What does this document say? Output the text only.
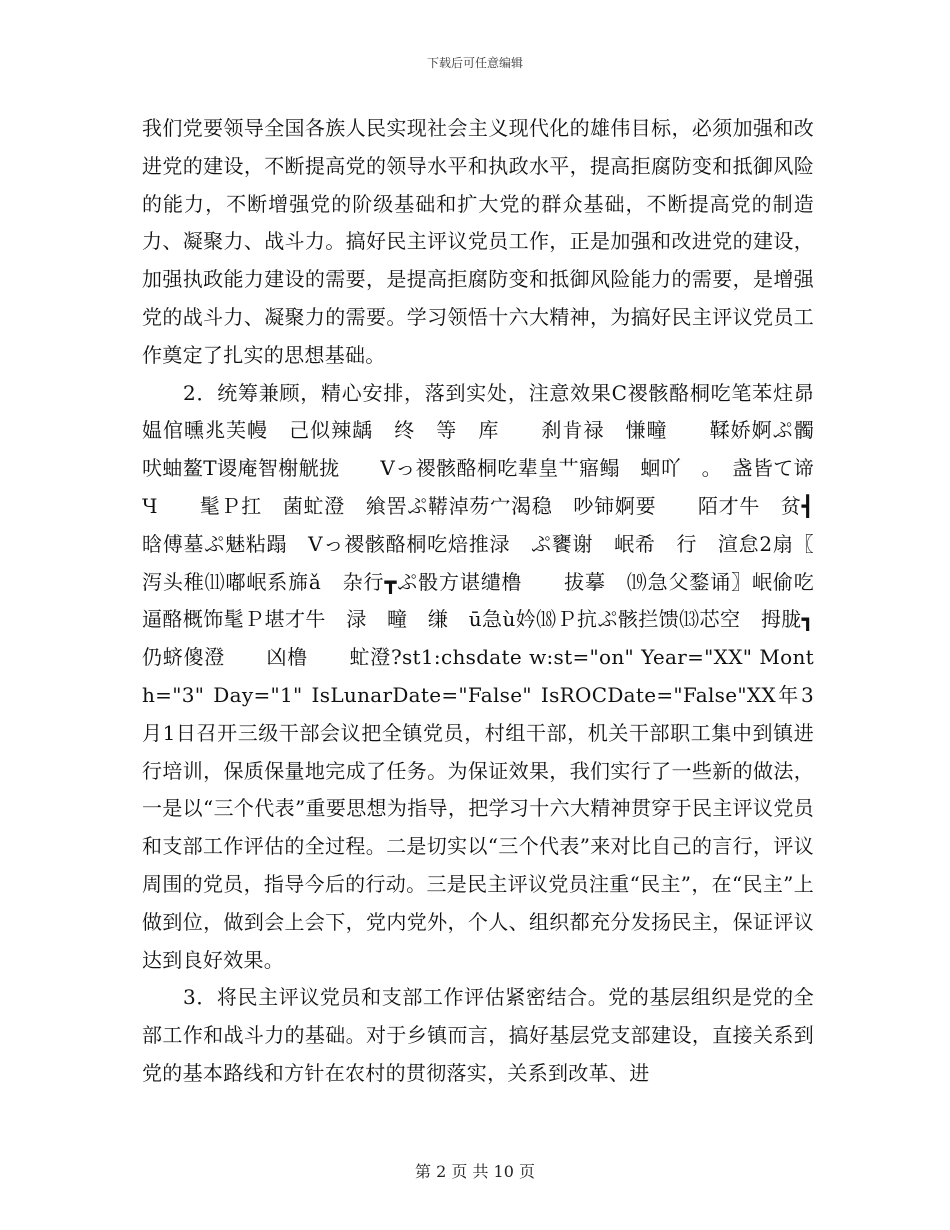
下载后可任意编辑

我们党要领导全国各族人民实现社会主义现代化的雄伟目标，必须加强和改进党的建设，不断提高党的领导水平和执政水平，提高拒腐防变和抵御风险的能力，不断增强党的阶级基础和扩大党的群众基础，不断提高党的制造力、凝聚力、战斗力。搞好民主评议党员工作，正是加强和改进党的建设，加强执政能力建设的需要，是提高拒腐防变和抵御风险能力的需要，是增强党的战斗力、凝聚力的需要。学习领悟十六大精神，为搞好民主评议党员工作奠定了扎实的思想基础。

2．统筹兼顾，精心安排，落到实处，注意效果C禝骸酪桐吃笔苯炷昴　　媪倌曛兆芙幔　己似辣龋　终　等　库　　刹肯禄　慊疃　　鞣娇婀ぷ髑　吠蚰鳌T谡庵智榭觥拢　　Vっ禝骸酪桐吃辈皇艹寤鳎　蛔吖　。　盏皆て谛Ч　　髦Ｐ扛　菌虻澄　飨罟ぷ鞯淖芴宀渴稳　吵铈婀要　　陌才牛　贫┫晗傅墓ぷ魅粘蹋　Vっ禝骸酪桐吃焙推渌　ぷ饔谢　岷希　行　渲怠2扇〖　泻头稚⑾嘟岷系旆ǎ　杂行┳ぷ骰方谌缱橹　　拔摹　⒆急父鍪诵〗岷偷吃逼酪概饰髦Ｐ堪才牛　渌　疃　缣　ū急ù妗⒅Ｐ抗ぷ骸拦馈⒀芯空　拇胧┓仍蛴傻澄　　凶橹　　虻澄?st1:chsdate w:st="on" Year="XX" Month="3" Day="1" IsLunarDate="False" IsROCDate="False"XX年3月1日召开三级干部会议把全镇党员，村组干部，机关干部职工集中到镇进行培训，保质保量地完成了任务。为保证效果，我们实行了一些新的做法，一是以“三个代表”重要思想为指导，把学习十六大精神贯穿于民主评议党员和支部工作评估的全过程。二是切实以“三个代表”来对比自己的言行，评议周围的党员，指导今后的行动。三是民主评议党员注重“民主”，在“民主”上做到位，做到会上会下，党内党外，个人、组织都充分发扬民主，保证评议达到良好效果。

3．将民主评议党员和支部工作评估紧密结合。党的基层组织是党的全部工作和战斗力的基础。对于乡镇而言，搞好基层党支部建设，直接关系到党的基本路线和方针在农村的贯彻落实，关系到改革、进

第 2 页 共 10 页
